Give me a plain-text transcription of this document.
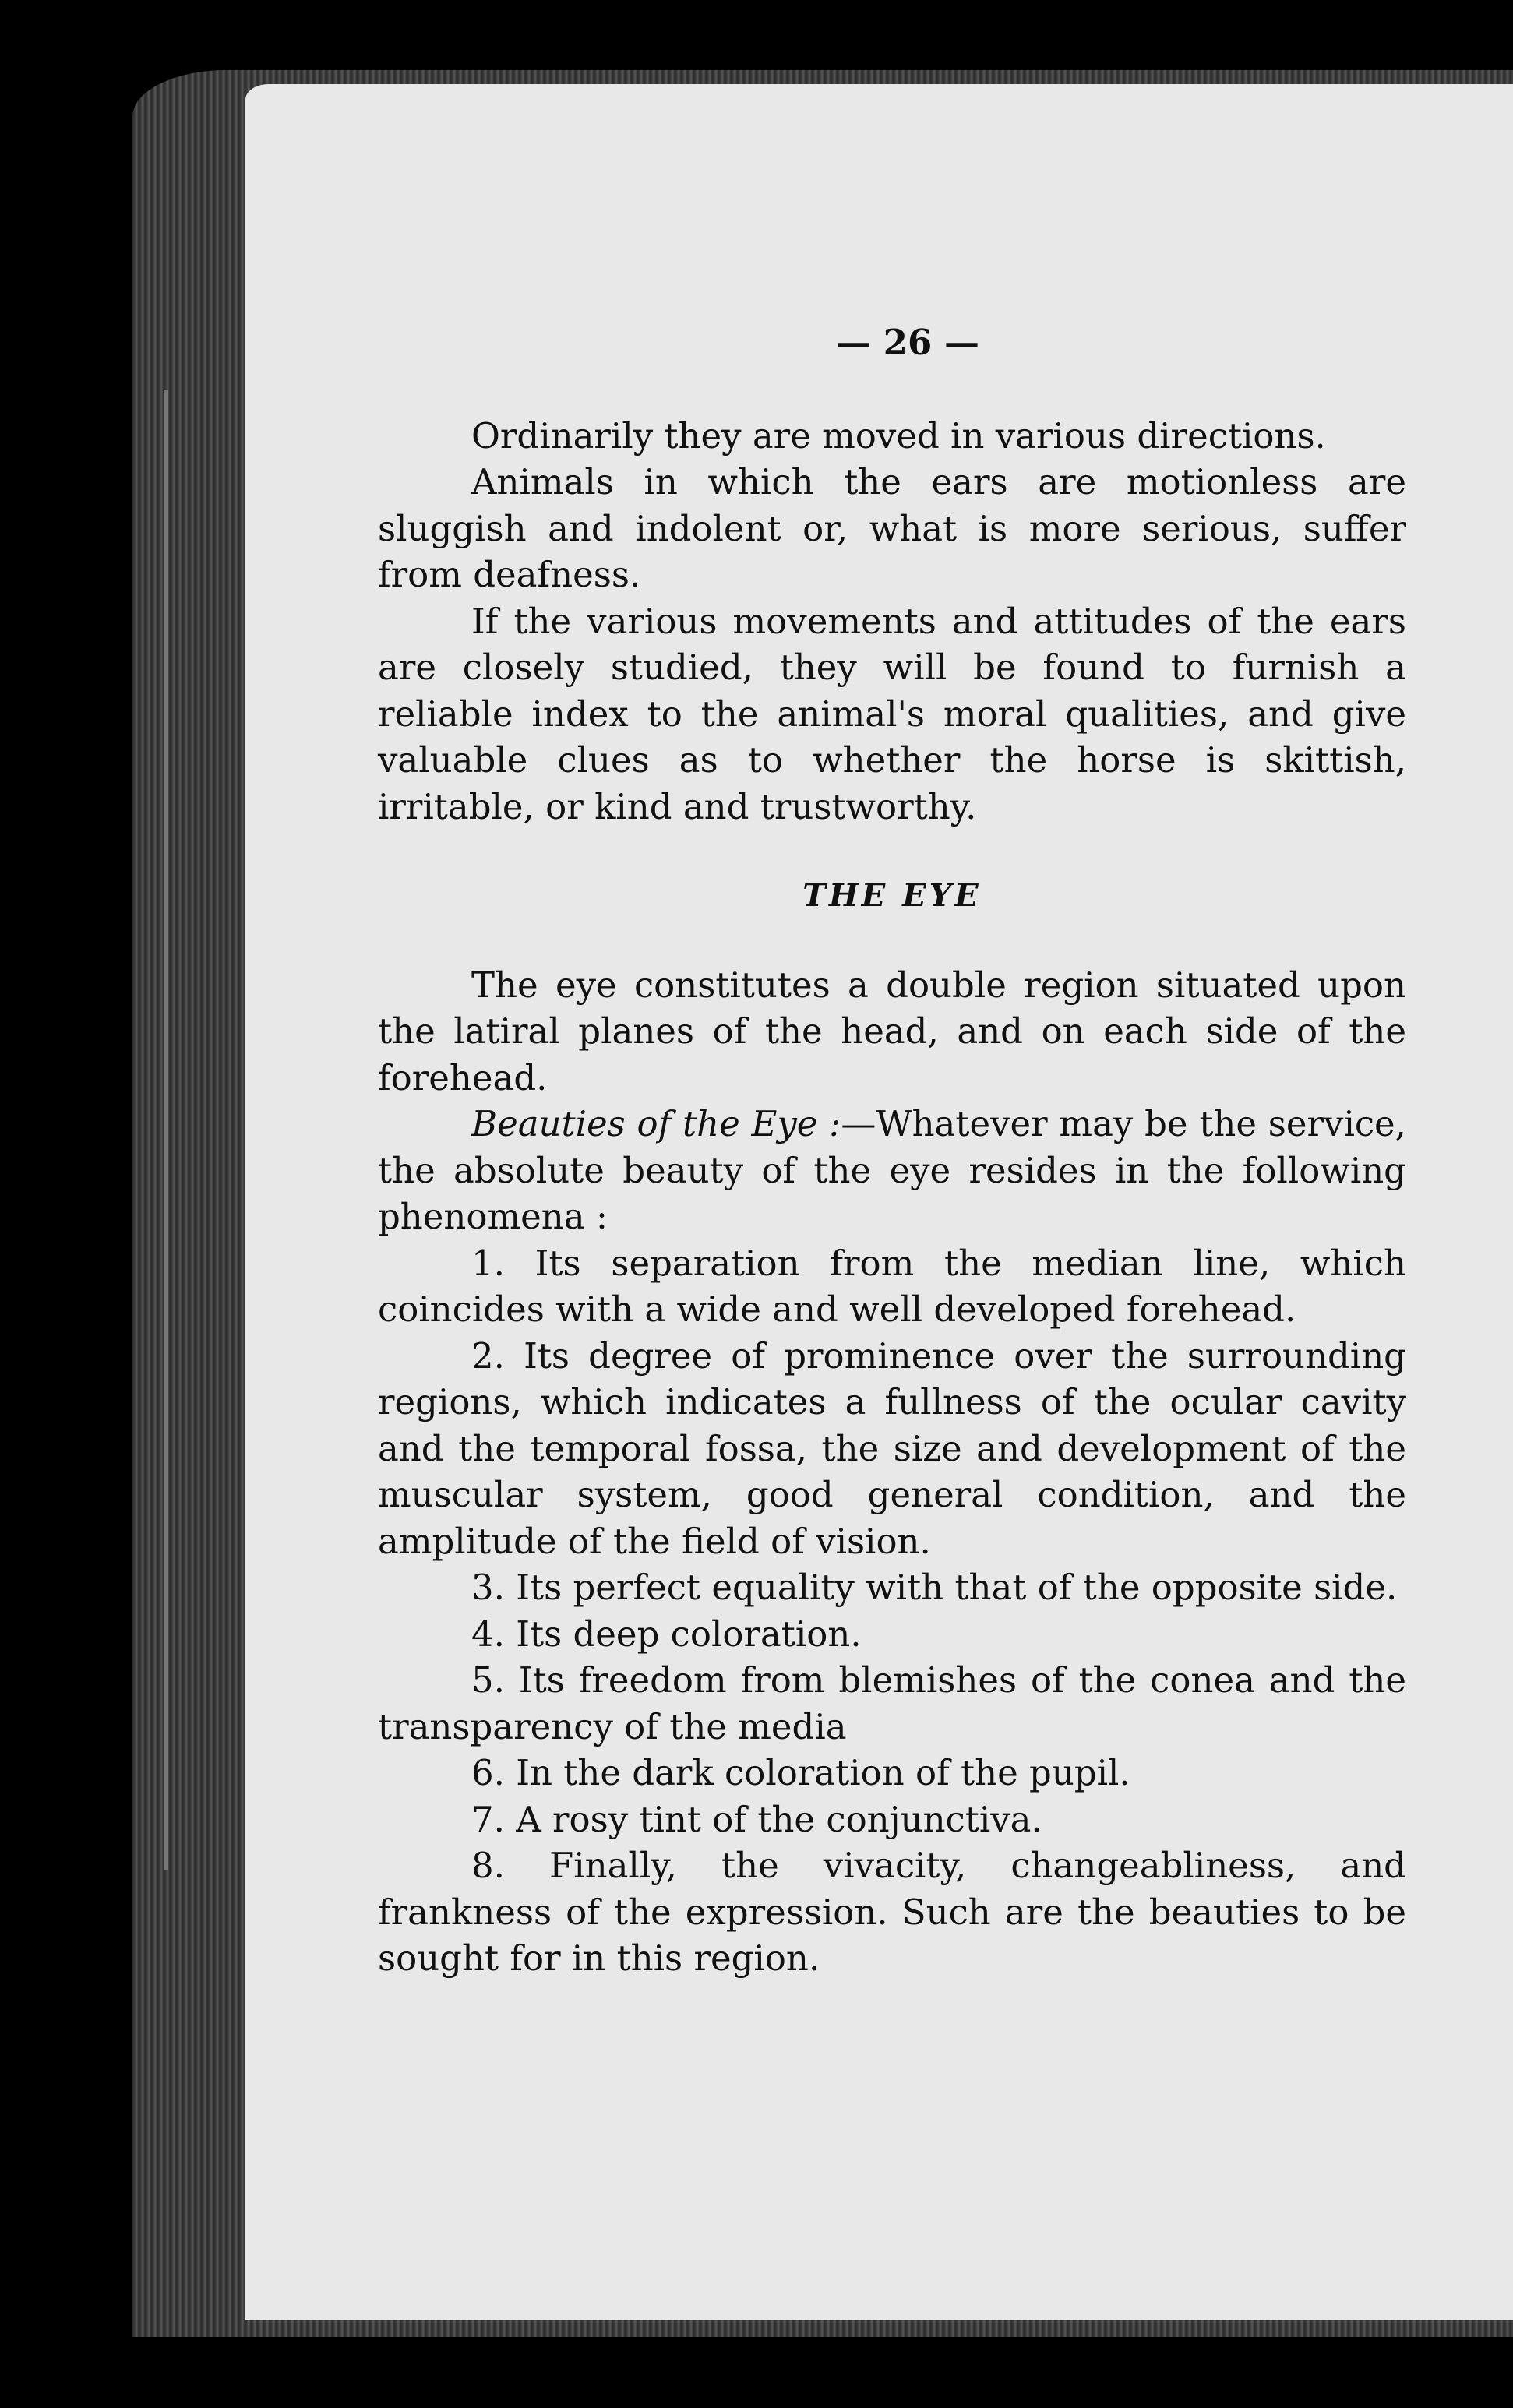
— 26 —

Ordinarily they are moved in various directions.

Animals in which the ears are motionless are sluggish and indolent or, what is more serious, suffer from deafness.

If the various movements and attitudes of the ears are closely studied, they will be found to furnish a reliable index to the animal's moral qualities, and give valuable clues as to whether the horse is skittish, irritable, or kind and trustworthy.

THE EYE

The eye constitutes a double region situated upon the latiral planes of the head, and on each side of the forehead.

Beauties of the Eye :—Whatever may be the service, the absolute beauty of the eye resides in the following phenomena :

1. Its separation from the median line, which coincides with a wide and well developed forehead.

2. Its degree of prominence over the surrounding regions, which indicates a fullness of the ocular cavity and the temporal fossa, the size and development of the muscular system, good general condition, and the amplitude of the field of vision.

3. Its perfect equality with that of the opposite side.

4. Its deep coloration.

5. Its freedom from blemishes of the conea and the transparency of the media

6. In the dark coloration of the pupil.

7. A rosy tint of the conjunctiva.

8. Finally, the vivacity, changeabliness, and frankness of the expression. Such are the beauties to be sought for in this region.
